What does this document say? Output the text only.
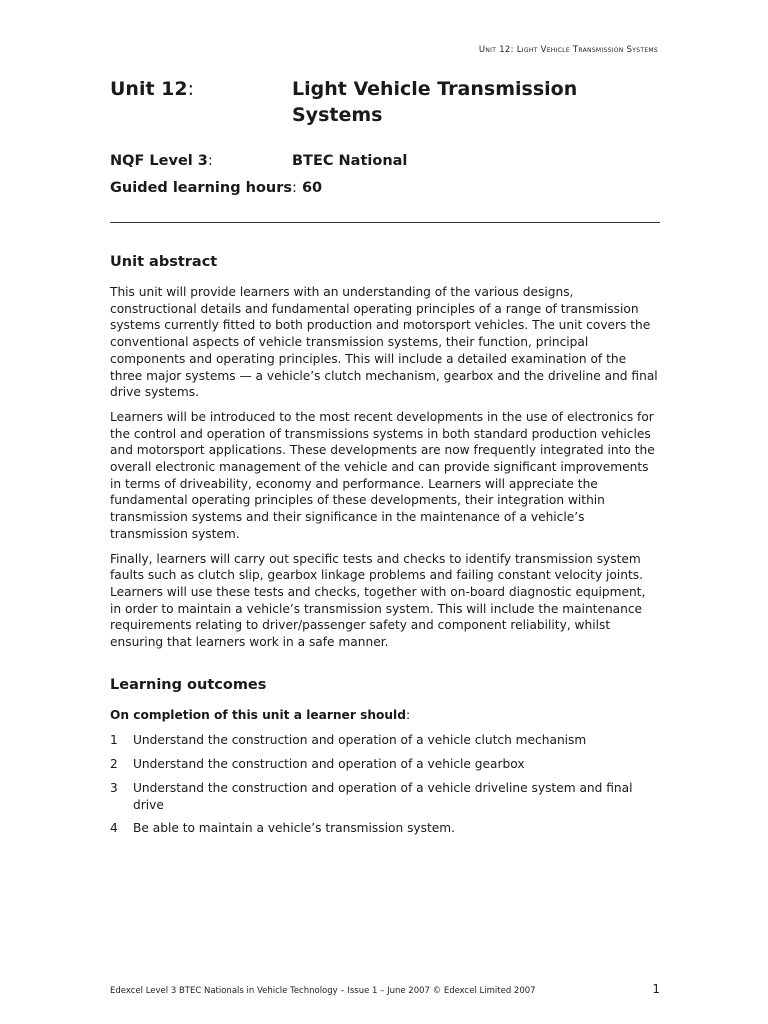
Unit 12: Light Vehicle Transmission Systems
Unit 12:	Light Vehicle Transmission Systems
NQF Level 3:	BTEC National
Guided learning hours: 60
Unit abstract

This unit will provide learners with an understanding of the various designs, constructional details and fundamental operating principles of a range of transmission systems currently fitted to both production and motorsport vehicles. The unit covers the conventional aspects of vehicle transmission systems, their function, principal components and operating principles. This will include a detailed examination of the three major systems — a vehicle’s clutch mechanism, gearbox and the driveline and final drive systems.

Learners will be introduced to the most recent developments in the use of electronics for the control and operation of transmissions systems in both standard production vehicles and motorsport applications. These developments are now frequently integrated into the overall electronic management of the vehicle and can provide significant improvements in terms of driveability, economy and performance. Learners will appreciate the fundamental operating principles of these developments, their integration within transmission systems and their significance in the maintenance of a vehicle’s transmission system.

Finally, learners will carry out specific tests and checks to identify transmission system faults such as clutch slip, gearbox linkage problems and failing constant velocity joints. Learners will use these tests and checks, together with on-board diagnostic equipment, in order to maintain a vehicle’s transmission system. This will include the maintenance requirements relating to driver/passenger safety and component reliability, whilst ensuring that learners work in a safe manner.

Learning outcomes
On completion of this unit a learner should:
1	Understand the construction and operation of a vehicle clutch mechanism
2	Understand the construction and operation of a vehicle gearbox
3	Understand the construction and operation of a vehicle driveline system and final drive
4	Be able to maintain a vehicle’s transmission system.
Edexcel Level 3 BTEC Nationals in Vehicle Technology – Issue 1 – June 2007 © Edexcel Limited 2007	1
